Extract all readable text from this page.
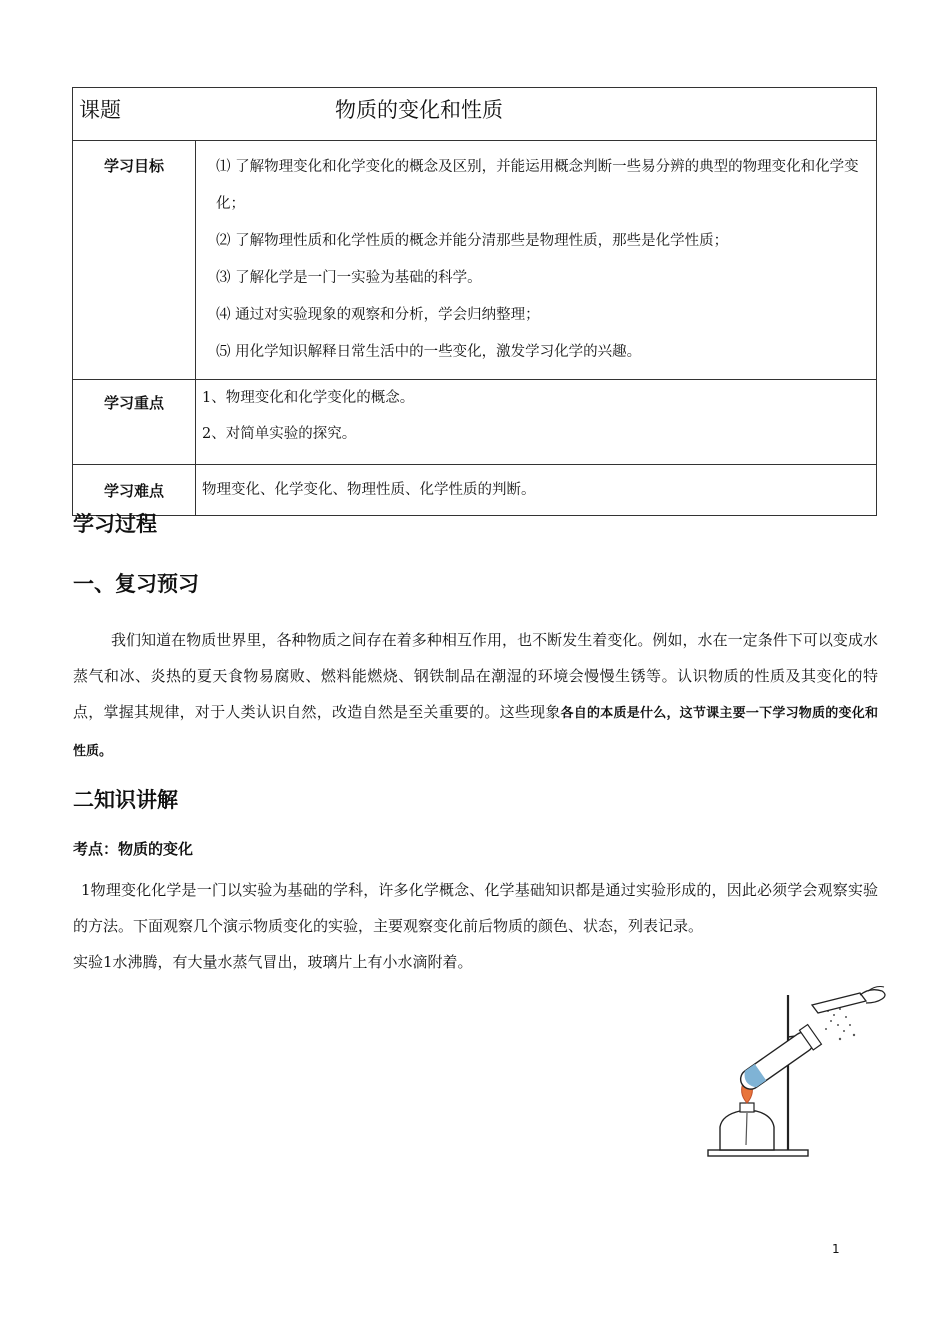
课题 物质的变化和性质	

学习目标	⑴ 了解物理变化和化学变化的概念及区别，并能运用概念判断一些易分辨的典型的物理变化和化学变化；

⑵ 了解物理性质和化学性质的概念并能分清那些是物理性质，那些是化学性质；

⑶ 了解化学是一门一实验为基础的科学。

⑷ 通过对实验现象的观察和分析，学会归纳整理；

⑸ 用化学知识解释日常生活中的一些变化，激发学习化学的兴趣。

学习重点	1、物理变化和化学变化的概念。

2、对简单实验的探究。

学习难点	物理变化、化学变化、物理性质、化学性质的判断。
学习过程
一、复习预习
我们知道在物质世界里，各种物质之间存在着多种相互作用，也不断发生着变化。例如，水在一定条件下可以变成水蒸气和冰、炎热的夏天食物易腐败、燃料能燃烧、钢铁制品在潮湿的环境会慢慢生锈等。认识物质的性质及其变化的特点，掌握其规律，对于人类认识自然，改造自然是至关重要的。这些现象各自的本质是什么，这节课主要一下学习物质的变化和性质。
二知识讲解
考点：物质的变化
1物理变化化学是一门以实验为基础的学科，许多化学概念、化学基础知识都是通过实验形成的，因此必须学会观察实验的方法。下面观察几个演示物质变化的实验，主要观察变化前后物质的颜色、状态，列表记录。
实验1水沸腾，有大量水蒸气冒出，玻璃片上有小水滴附着。
1
